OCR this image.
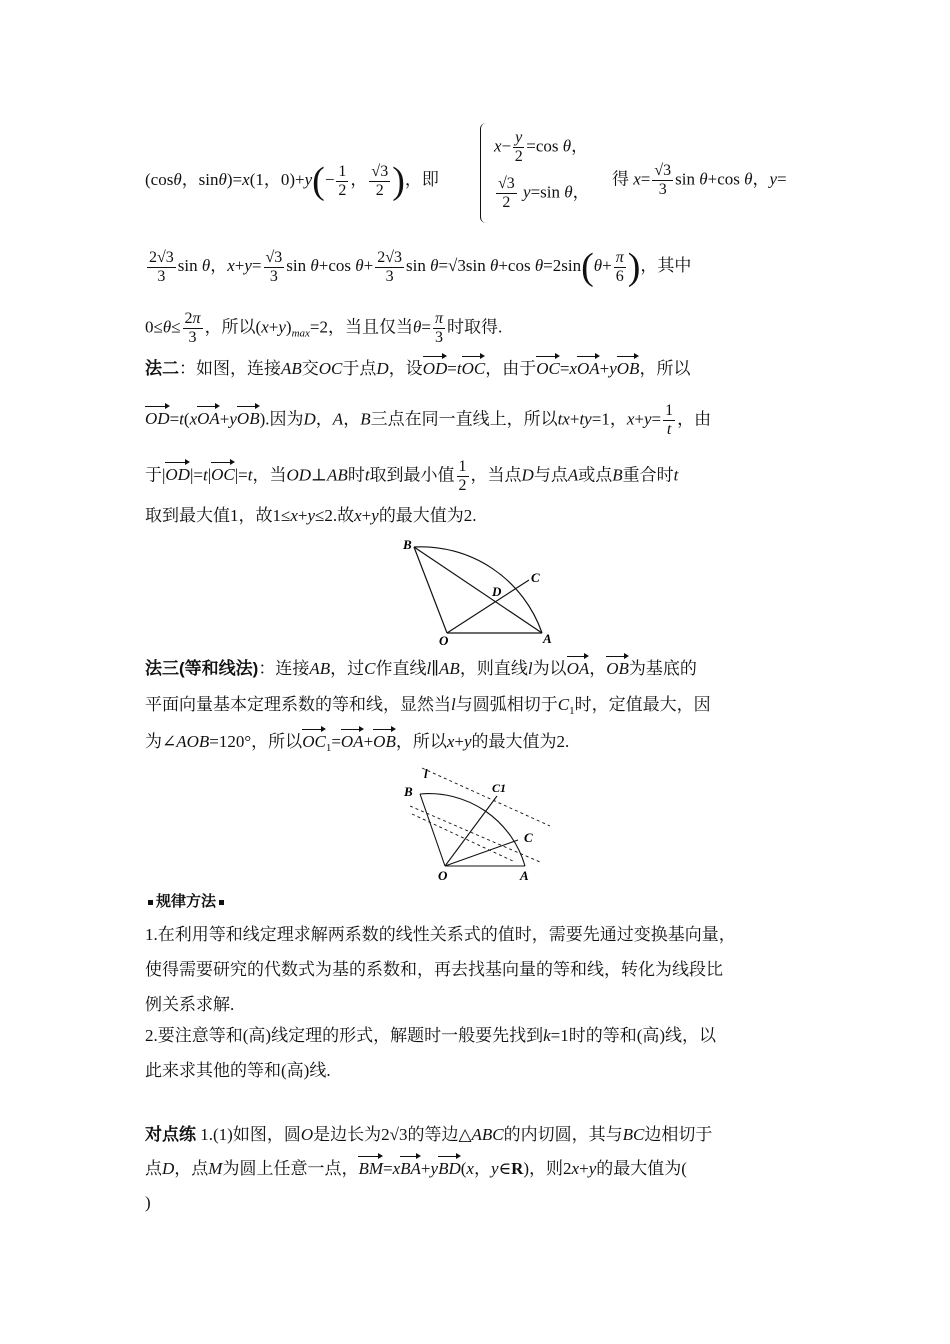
(cosθ，sinθ)=x(1，$0)+y(- \frac{1}{2}$ ， $\frac{√3}{2}$ )，即
$x- \frac{y}{2} =\cos$ θ，
$\frac{√3}{2} y=\sin$ θ，
得 $x= \frac{√3}{3}$ sin θ+cos θ，y=
$\frac{2√3}{3}$ sin θ，$x+y= \frac{√3}{3}$ sin θ+cos $\theta+ \frac{2√3}{3}$ sin θ=√3sin θ+cos $\theta=2\sin(\theta+ \frac{\pi}{6}$ )，其中
$0\le\theta\le \frac{2\pi}{3}$ ，所以$(x+y)_{max}=2$，当且仅当$\theta= \frac{\pi}{3}$ 时取得.
法二：如图，连接AB交OC于点D，设OD=tOC，由于OC=xOA+yOB，所以
OD=t(xOA+yOB).因为D，A，B三点在同一直线上，所以tx+ty=1，$x+y= \frac{1}{t}$ ，由
于|OD|=t|OC|=t，当OD⊥AB时t取到最小值 $\frac{1}{2}$ ，当点D与点A或点B重合时t
取到最大值1，故1≤x+y≤2.故x+y的最大值为2.
B
C
D
O	A
法三(等和线法)：连接AB，过C作直线l∥AB，则直线l为以OA，OB为基底的
平面向量基本定理系数的等和线，显然当l与圆弧相切于$C_1$时，定值最大，因
为∠AOB=120°，所以$OC_1=OA+OB$，所以x+y的最大值为2.
l
B	C1
C
O	A
规律方法
1.在利用等和线定理求解两系数的线性关系式的值时，需要先通过变换基向量，
使得需要研究的代数式为基的系数和，再去找基向量的等和线，转化为线段比
例关系求解.
2.要注意等和(高)线定理的形式，解题时一般要先找到k=1时的等和(高)线，以
此来求其他的等和(高)线.
对点练 1.(1)如图，圆O是边长为2√3的等边△ABC的内切圆，其与BC边相切于
点D，点M为圆上任意一点，BM=xBA+yBD(x，y∈R)，则2x+y的最大值为(
)
